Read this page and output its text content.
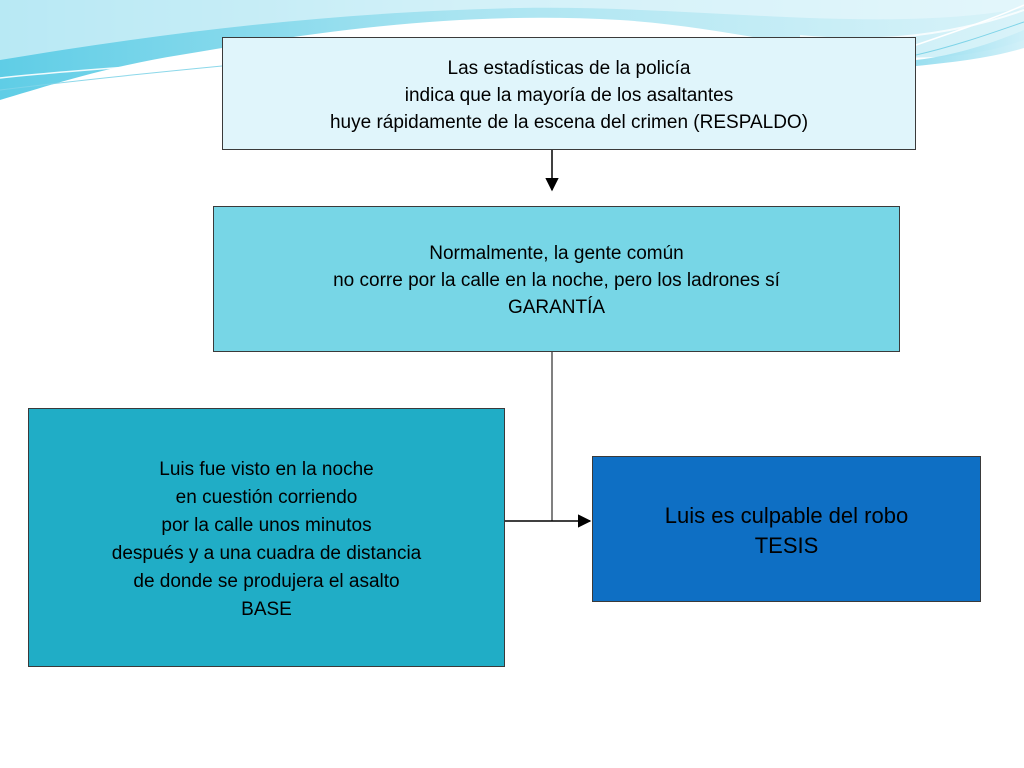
Las estadísticas de la policía
indica que la mayoría de los asaltantes
huye rápidamente de la escena del crimen (RESPALDO)
Normalmente, la gente común
no corre por la calle en la noche, pero los ladrones sí
GARANTÍA
Luis fue visto en la noche
en cuestión corriendo
por la calle unos minutos
después y a una cuadra de distancia
de donde se produjera el asalto
BASE
Luis es culpable del robo
TESIS
